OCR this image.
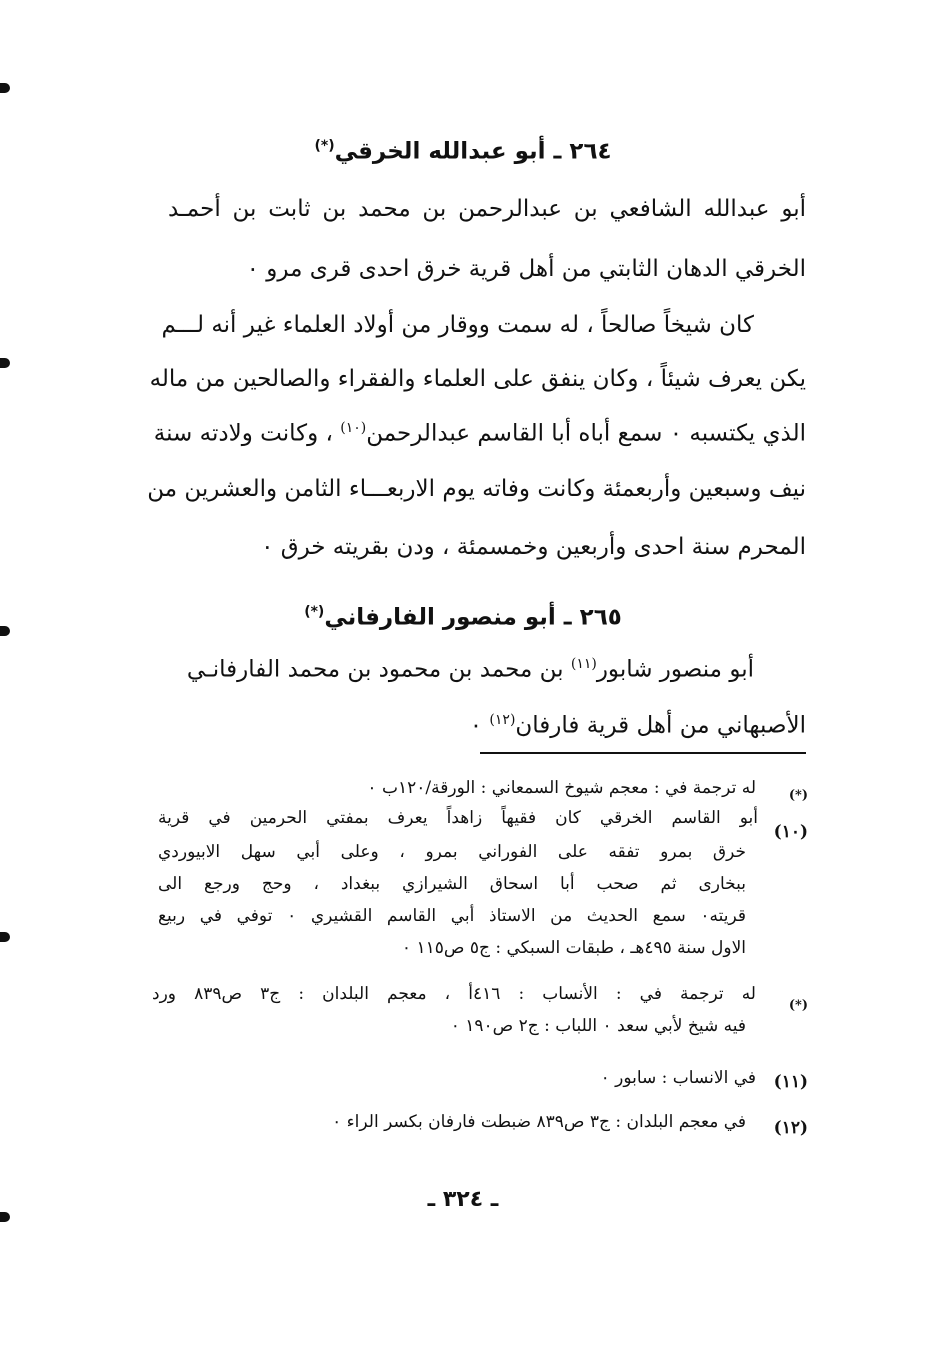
٢٦٤ ـ أبو عبدالله الخرقي(*)
أبو عبدالله الشافعي بن عبدالرحمن بن محمد بن ثابت بن أحمـد
الخرقي الدهان الثابتي من أهل قرية خرق احدى قرى مرو ٠
كان شيخاً صالحاً ، له سمت ووقار من أولاد العلماء غير أنه لـــم
يكن يعرف شيئاً ، وكان ينفق على العلماء والفقراء والصالحين من ماله
الذي يكتسبه ٠ سمع أباه أبا القاسم عبدالرحمن$^{(١٠)}$ ، وكانت ولادته سنة
نيف وسبعين وأربعمئة وكانت وفاته يوم الاربعـــاء الثامن والعشرين من
المحرم سنة احدى وأربعين وخمسمئة ، ودن بقريته خرق ٠
٢٦٥ ـ أبو منصور الفارفاني(*)
أبو منصور شابور$^{(١١)}$ بن محمد بن محمود بن محمد الفارفانـي
الأصبهاني من أهل قرية فارفان$^{(١٢)}$ ٠
(*)
له ترجمة في : معجم شيوخ السمعاني : الورقة/١٢٠ب ٠
(١٠)
أبو القاسم الخرقي كان فقيهاً زاهداً يعرف بمفتي الحرمين في قرية
خرق بمرو تفقه على الفوراني بمرو ، وعلى أبي سهل الابيوردي
ببخارى ثم صحب أبا اسحاق الشيرازي ببغداد ، وحج ورجع الى
قريته٠ سمع الحديث من الاستاذ أبي القاسم القشيري ٠ توفي في ربيع
الاول سنة ٤٩٥هـ ، طبقات السبكي : ج٥ ص١١٥ ٠
(*)
له ترجمة في : الأنساب : ٤١٦أ ، معجم البلدان : ج٣ ص٨٣٩ ورد
فيه شيخ لأبي سعد ٠ اللباب : ج٢ ص١٩٠ ٠
(١١)
في الانساب : سابور ٠
(١٢)
في معجم البلدان : ج٣ ص٨٣٩ ضبطت فارفان بكسر الراء ٠
ـ ٣٢٤ ـ
